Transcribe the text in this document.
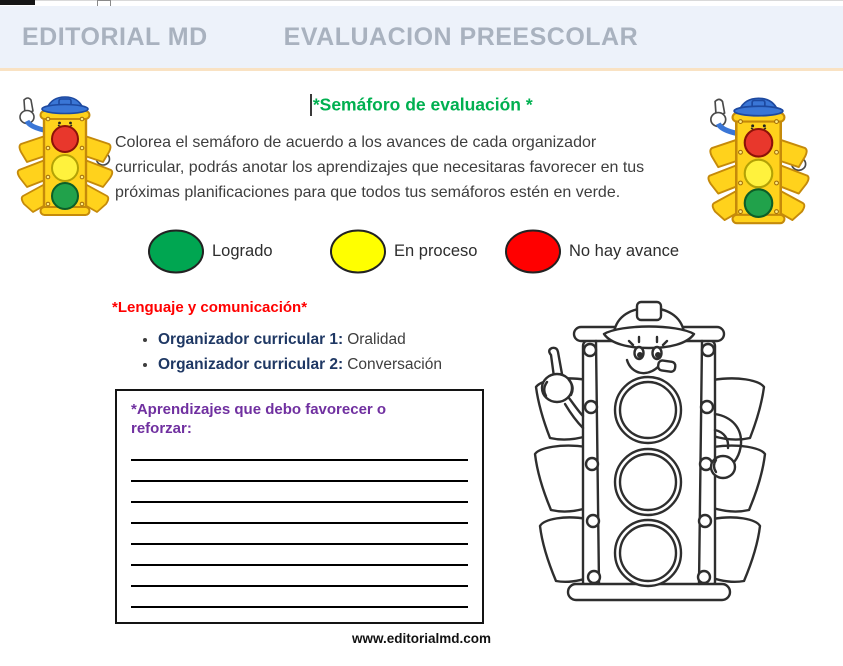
EDITORIAL MD	EVALUACION PREESCOLAR
*Semáforo de evaluación *
Colorea el semáforo de acuerdo a los avances de cada organizador
curricular, podrás anotar los aprendizajes que necesitaras favorecer en tus
próximas planificaciones para que todos tus semáforos estén en verde.
Logrado	En proceso	No hay avance
*Lenguaje y comunicación*
• Organizador curricular 1: Oralidad
• Organizador curricular 2: Conversación
*Aprendizajes que debo favorecer o reforzar:
www.editorialmd.com
